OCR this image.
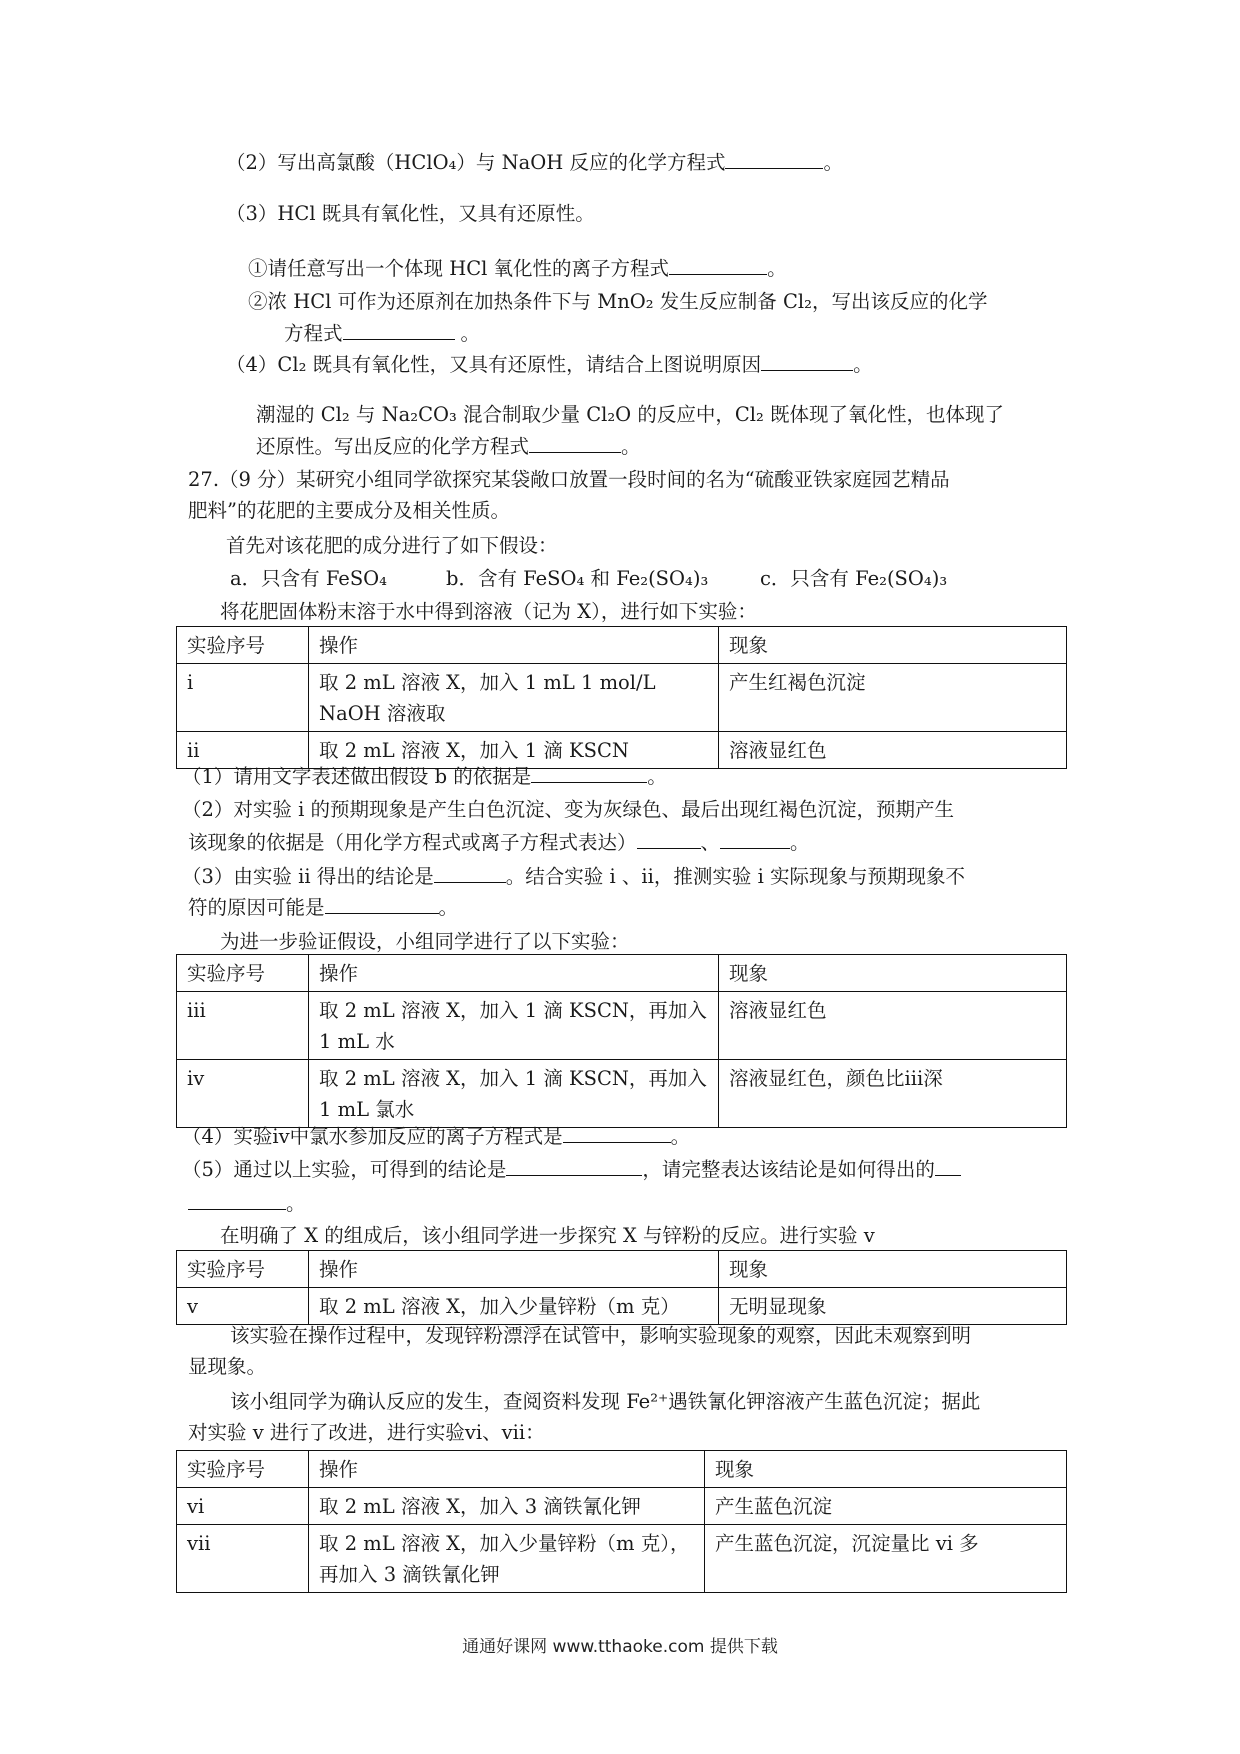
（2）写出高氯酸（HClO₄）与 NaOH 反应的化学方程式	。
（3）HCl 既具有氧化性，又具有还原性。
①请任意写出一个体现 HCl 氧化性的离子方程式	。
②浓 HCl 可作为还原剂在加热条件下与 MnO₂ 发生反应制备 Cl₂，写出该反应的化学
方程式	。
（4）Cl₂ 既具有氧化性，又具有还原性，请结合上图说明原因	。
潮湿的 Cl₂ 与 Na₂CO₃ 混合制取少量 Cl₂O 的反应中，Cl₂ 既体现了氧化性，也体现了
还原性。写出反应的化学方程式	。
27.（9 分）某研究小组同学欲探究某袋敞口放置一段时间的名为“硫酸亚铁家庭园艺精品
肥料”的花肥的主要成分及相关性质。
首先对该花肥的成分进行了如下假设：
a．只含有 FeSO₄	b．含有 FeSO₄ 和 Fe₂(SO₄)₃	c．只含有 Fe₂(SO₄)₃
将花肥固体粉末溶于水中得到溶液（记为 X），进行如下实验：
实验序号	操作	现象
i	取 2 mL 溶液 X，加入 1 mL 1 mol/L NaOH 溶液取	产生红褐色沉淀
ii	取 2 mL 溶液 X，加入 1 滴 KSCN	溶液显红色
（1）请用文字表述做出假设 b 的依据是	。
（2）对实验 i 的预期现象是产生白色沉淀、变为灰绿色、最后出现红褐色沉淀，预期产生
该现象的依据是（用化学方程式或离子方程式表达）	、	。
（3）由实验 ii 得出的结论是	。结合实验 i 、ii，推测实验 i 实际现象与预期现象不
符的原因可能是	。
为进一步验证假设，小组同学进行了以下实验：
实验序号	操作	现象
iii	取 2 mL 溶液 X，加入 1 滴 KSCN，再加入 1 mL 水	溶液显红色
iv	取 2 mL 溶液 X，加入 1 滴 KSCN，再加入 1 mL 氯水	溶液显红色，颜色比iii深
（4）实验iv中氯水参加反应的离子方程式是	。
（5）通过以上实验，可得到的结论是	，请完整表达该结论是如何得出的
。
在明确了 X 的组成后，该小组同学进一步探究 X 与锌粉的反应。进行实验 v
实验序号	操作	现象
v	取 2 mL 溶液 X，加入少量锌粉（m 克）	无明显现象
该实验在操作过程中，发现锌粉漂浮在试管中，影响实验现象的观察，因此未观察到明
显现象。
该小组同学为确认反应的发生，查阅资料发现 Fe²⁺遇铁氰化钾溶液产生蓝色沉淀；据此
对实验 v 进行了改进，进行实验vi、vii：
实验序号	操作	现象
vi	取 2 mL 溶液 X，加入 3 滴铁氰化钾	产生蓝色沉淀
vii	取 2 mL 溶液 X，加入少量锌粉（m 克），再加入 3 滴铁氰化钾	产生蓝色沉淀，沉淀量比 vi 多
通通好课网 www.tthaoke.com 提供下载
